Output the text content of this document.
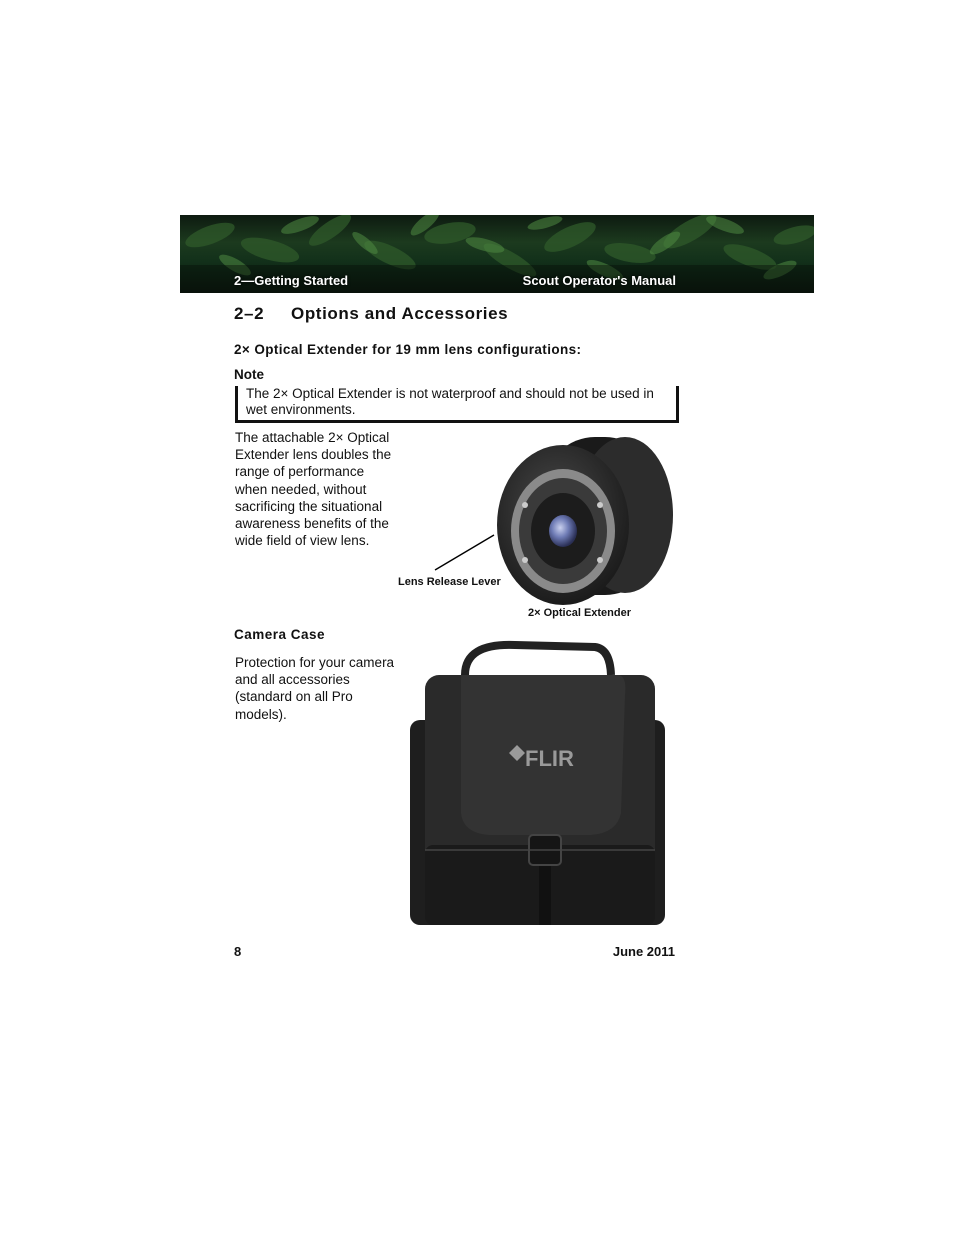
2—Getting Started	Scout Operator's Manual
2–2 Options and Accessories
2× Optical Extender for 19 mm lens configurations:
Note
The 2× Optical Extender is not waterproof and should not be used in wet environments.

The attachable 2× Optical Extender lens doubles the range of performance when needed, without sacrificing the situational awareness benefits of the wide field of view lens.

Lens Release Lever
2× Optical Extender
Camera Case

Protection for your camera and all accessories (standard on all Pro models).

FLIR
8	June 2011
